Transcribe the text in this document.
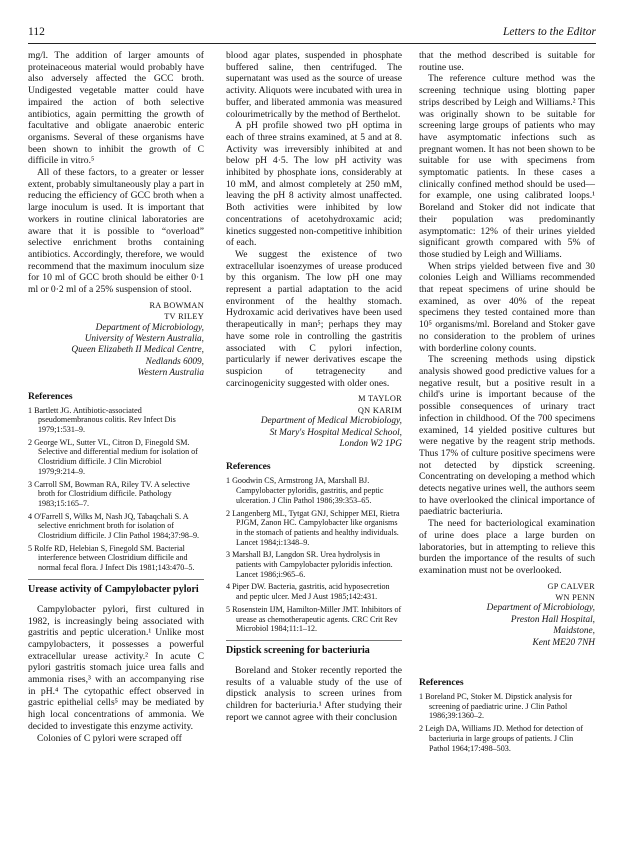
112	Letters to the Editor

mg/l. The addition of larger amounts of proteinaceous material would probably have also adversely affected the GCC broth. Undigested vegetable matter could have impaired the action of both selective antibiotics, again permitting the growth of facultative and obligate anaerobic enteric organisms. Several of these organisms have been shown to inhibit the growth of C difficile in vitro.⁵

All of these factors, to a greater or lesser extent, probably simultaneously play a part in reducing the efficiency of GCC broth when a large inoculum is used. It is important that workers in routine clinical laboratories are aware that it is possible to “overload” selective enrichment broths containing antibiotics. Accordingly, therefore, we would recommend that the maximum inoculum size for 10 ml of GCC broth should be either 0·1 ml or 0·2 ml of a 25% suspension of stool.

RA BOWMAN
TV RILEY
Department of Microbiology,
University of Western Australia,
Queen Elizabeth II Medical Centre,
Nedlands 6009,
Western Australia
References

1 Bartlett JG. Antibiotic-associated pseudomembranous colitis. Rev Infect Dis 1979;1:531–9.

2 George WL, Sutter VL, Citron D, Finegold SM. Selective and differential medium for isolation of Clostridium difficile. J Clin Microbiol 1979;9:214–9.

3 Carroll SM, Bowman RA, Riley TV. A selective broth for Clostridium difficile. Pathology 1983;15:165–7.

4 O'Farrell S, Wilks M, Nash JQ, Tabaqchali S. A selective enrichment broth for isolation of Clostridium difficile. J Clin Pathol 1984;37:98–9.

5 Rolfe RD, Helebian S, Finegold SM. Bacterial interference between Clostridium difficile and normal fecal flora. J Infect Dis 1981;143:470–5.

Urease activity of Campylobacter pylori

Campylobacter pylori, first cultured in 1982, is increasingly being associated with gastritis and peptic ulceration.¹ Unlike most campylobacters, it possesses a powerful extracellular urease activity.² In acute C pylori gastritis stomach juice urea falls and ammonia rises,³ with an accompanying rise in pH.⁴ The cytopathic effect observed in gastric epithelial cells⁵ may be mediated by high local concentrations of ammonia. We decided to investigate this enzyme activity.

Colonies of C pylori were scraped off

blood agar plates, suspended in phosphate buffered saline, then centrifuged. The supernatant was used as the source of urease activity. Aliquots were incubated with urea in buffer, and liberated ammonia was measured colourimetrically by the method of Berthelot.

A pH profile showed two pH optima in each of three strains examined, at 5 and at 8. Activity was irreversibly inhibited at and below pH 4·5. The low pH activity was inhibited by phosphate ions, considerably at 10 mM, and almost completely at 250 mM, leaving the pH 8 activity almost unaffected. Both activities were inhibited by low concentrations of acetohydroxamic acid; kinetics suggested non-competitive inhibition of each.

We suggest the existence of two extracellular isoenzymes of urease produced by this organism. The low pH one may represent a partial adaptation to the acid environment of the healthy stomach. Hydroxamic acid derivatives have been used therapeutically in man⁵; perhaps they may have some role in controlling the gastritis associated with C pylori infection, particularly if newer derivatives escape the suspicion of tetragenecity and carcinogenicity suggested with older ones.

M TAYLOR
QN KARIM
Department of Medical Microbiology,
St Mary's Hospital Medical School,
London W2 1PG
References

1 Goodwin CS, Armstrong JA, Marshall BJ. Campylobacter pyloridis, gastritis, and peptic ulceration. J Clin Pathol 1986;39:353–65.

2 Langenberg ML, Tytgat GNJ, Schipper MEI, Rietra PJGM, Zanon HC. Campylobacter like organisms in the stomach of patients and healthy individuals. Lancet 1984;i:1348–9.

3 Marshall BJ, Langdon SR. Urea hydrolysis in patients with Campylobacter pyloridis infection. Lancet 1986;i:965–6.

4 Piper DW. Bacteria, gastritis, acid hyposecretion and peptic ulcer. Med J Aust 1985;142:431.

5 Rosenstein IJM, Hamilton-Miller JMT. Inhibitors of urease as chemotherapeutic agents. CRC Crit Rev Microbiol 1984;11:1–12.

Dipstick screening for bacteriuria

Boreland and Stoker recently reported the results of a valuable study of the use of dipstick analysis to screen urines from children for bacteriuria.¹ After studying their report we cannot agree with their conclusion

that the method described is suitable for routine use.

The reference culture method was the screening technique using blotting paper strips described by Leigh and Williams.² This was originally shown to be suitable for screening large groups of patients who may have asymptomatic infections such as pregnant women. It has not been shown to be suitable for use with specimens from symptomatic patients. In these cases a clinically confined method should be used—for example, one using calibrated loops.¹ Boreland and Stoker did not indicate that their population was predominantly asymptomatic: 12% of their urines yielded significant growth compared with 5% of those studied by Leigh and Williams.

When strips yielded between five and 30 colonies Leigh and Williams recommended that repeat specimens of urine should be examined, as over 40% of the repeat specimens they tested contained more than 10⁵ organisms/ml. Boreland and Stoker gave no consideration to the problem of urines with borderline colony counts.

The screening methods using dipstick analysis showed good predictive values for a negative result, but a positive result in a child's urine is important because of the possible consequences of urinary tract infection in childhood. Of the 700 specimens examined, 14 yielded positive cultures but were negative by the reagent strip methods. Thus 17% of culture positive specimens were not detected by dipstick screening. Concentrating on developing a method which detects negative urines well, the authors seem to have overlooked the clinical importance of paediatric bacteriuria.

The need for bacteriological examination of urine does place a large burden on laboratories, but in attempting to relieve this burden the importance of the results of such examination must not be overlooked.

GP CALVER
WN PENN
Department of Microbiology,
Preston Hall Hospital,
Maidstone,
Kent ME20 7NH
References

1 Boreland PC, Stoker M. Dipstick analysis for screening of paediatric urine. J Clin Pathol 1986;39:1360–2.

2 Leigh DA, Williams JD. Method for detection of bacteriuria in large groups of patients. J Clin Pathol 1964;17:498–503.
